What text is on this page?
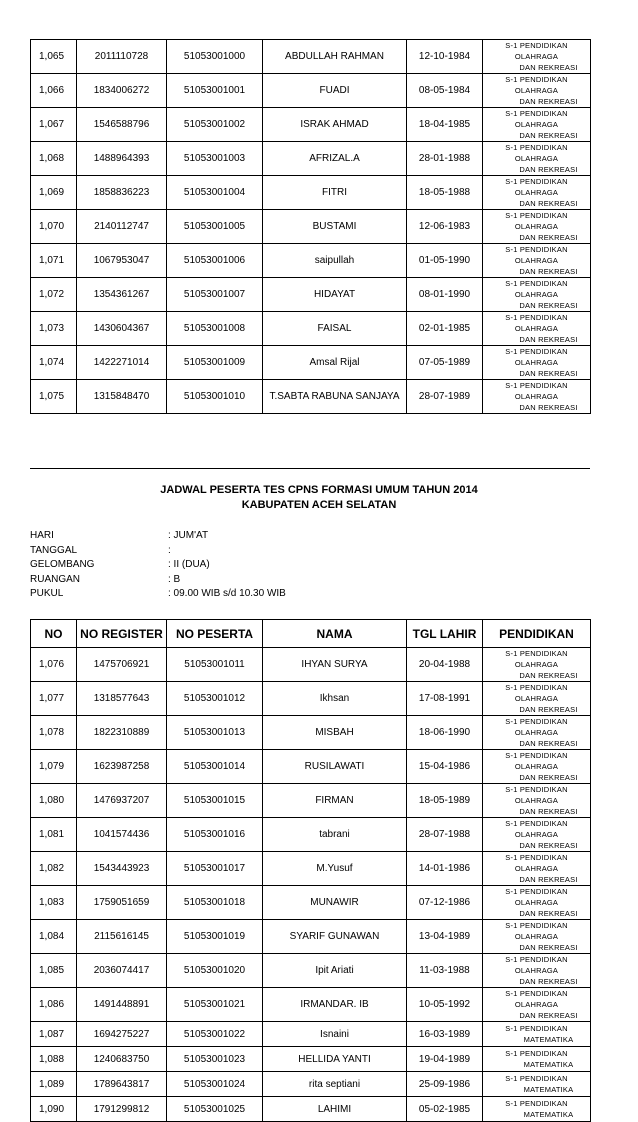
1,065	2011110728	51053001000	ABDULLAH RAHMAN	12-10-1984	S-1 PENDIDIKAN OLAHRAGA
DAN REKREASI

1,066	1834006272	51053001001	FUADI	08-05-1984	S-1 PENDIDIKAN OLAHRAGA
DAN REKREASI

1,067	1546588796	51053001002	ISRAK AHMAD	18-04-1985	S-1 PENDIDIKAN OLAHRAGA
DAN REKREASI

1,068	1488964393	51053001003	AFRIZAL.A	28-01-1988	S-1 PENDIDIKAN OLAHRAGA
DAN REKREASI

1,069	1858836223	51053001004	FITRI	18-05-1988	S-1 PENDIDIKAN OLAHRAGA
DAN REKREASI

1,070	2140112747	51053001005	BUSTAMI	12-06-1983	S-1 PENDIDIKAN OLAHRAGA
DAN REKREASI

1,071	1067953047	51053001006	saipullah	01-05-1990	S-1 PENDIDIKAN OLAHRAGA
DAN REKREASI

1,072	1354361267	51053001007	HIDAYAT	08-01-1990	S-1 PENDIDIKAN OLAHRAGA
DAN REKREASI

1,073	1430604367	51053001008	FAISAL	02-01-1985	S-1 PENDIDIKAN OLAHRAGA
DAN REKREASI

1,074	1422271014	51053001009	Amsal Rijal	07-05-1989	S-1 PENDIDIKAN OLAHRAGA
DAN REKREASI

1,075	1315848470	51053001010	T.SABTA RABUNA SANJAYA	28-07-1989	S-1 PENDIDIKAN OLAHRAGA
DAN REKREASI
JADWAL PESERTA TES CPNS FORMASI UMUM TAHUN 2014
KABUPATEN ACEH SELATAN
HARI	: JUM'AT
TANGGAL	:
GELOMBANG	: II (DUA)
RUANGAN	: B
PUKUL	: 09.00 WIB s/d 10.30 WIB
NO	NO REGISTER	NO PESERTA	NAMA	TGL LAHIR	PENDIDIKAN
1,076	1475706921	51053001011	IHYAN SURYA	20-04-1988	S-1 PENDIDIKAN OLAHRAGA
DAN REKREASI

1,077	1318577643	51053001012	Ikhsan	17-08-1991	S-1 PENDIDIKAN OLAHRAGA
DAN REKREASI

1,078	1822310889	51053001013	MISBAH	18-06-1990	S-1 PENDIDIKAN OLAHRAGA
DAN REKREASI

1,079	1623987258	51053001014	RUSILAWATI	15-04-1986	S-1 PENDIDIKAN OLAHRAGA
DAN REKREASI

1,080	1476937207	51053001015	FIRMAN	18-05-1989	S-1 PENDIDIKAN OLAHRAGA
DAN REKREASI

1,081	1041574436	51053001016	tabrani	28-07-1988	S-1 PENDIDIKAN OLAHRAGA
DAN REKREASI

1,082	1543443923	51053001017	M.Yusuf	14-01-1986	S-1 PENDIDIKAN OLAHRAGA
DAN REKREASI

1,083	1759051659	51053001018	MUNAWIR	07-12-1986	S-1 PENDIDIKAN OLAHRAGA
DAN REKREASI

1,084	2115616145	51053001019	SYARIF GUNAWAN	13-04-1989	S-1 PENDIDIKAN OLAHRAGA
DAN REKREASI

1,085	2036074417	51053001020	Ipit Ariati	11-03-1988	S-1 PENDIDIKAN OLAHRAGA
DAN REKREASI

1,086	1491448891	51053001021	IRMANDAR. IB	10-05-1992	S-1 PENDIDIKAN OLAHRAGA
DAN REKREASI

1,087	1694275227	51053001022	Isnaini	16-03-1989	S-1 PENDIDIKAN
MATEMATIKA

1,088	1240683750	51053001023	HELLIDA YANTI	19-04-1989	S-1 PENDIDIKAN
MATEMATIKA

1,089	1789643817	51053001024	rita septiani	25-09-1986	S-1 PENDIDIKAN
MATEMATIKA

1,090	1791299812	51053001025	LAHIMI	05-02-1985	S-1 PENDIDIKAN
MATEMATIKA
